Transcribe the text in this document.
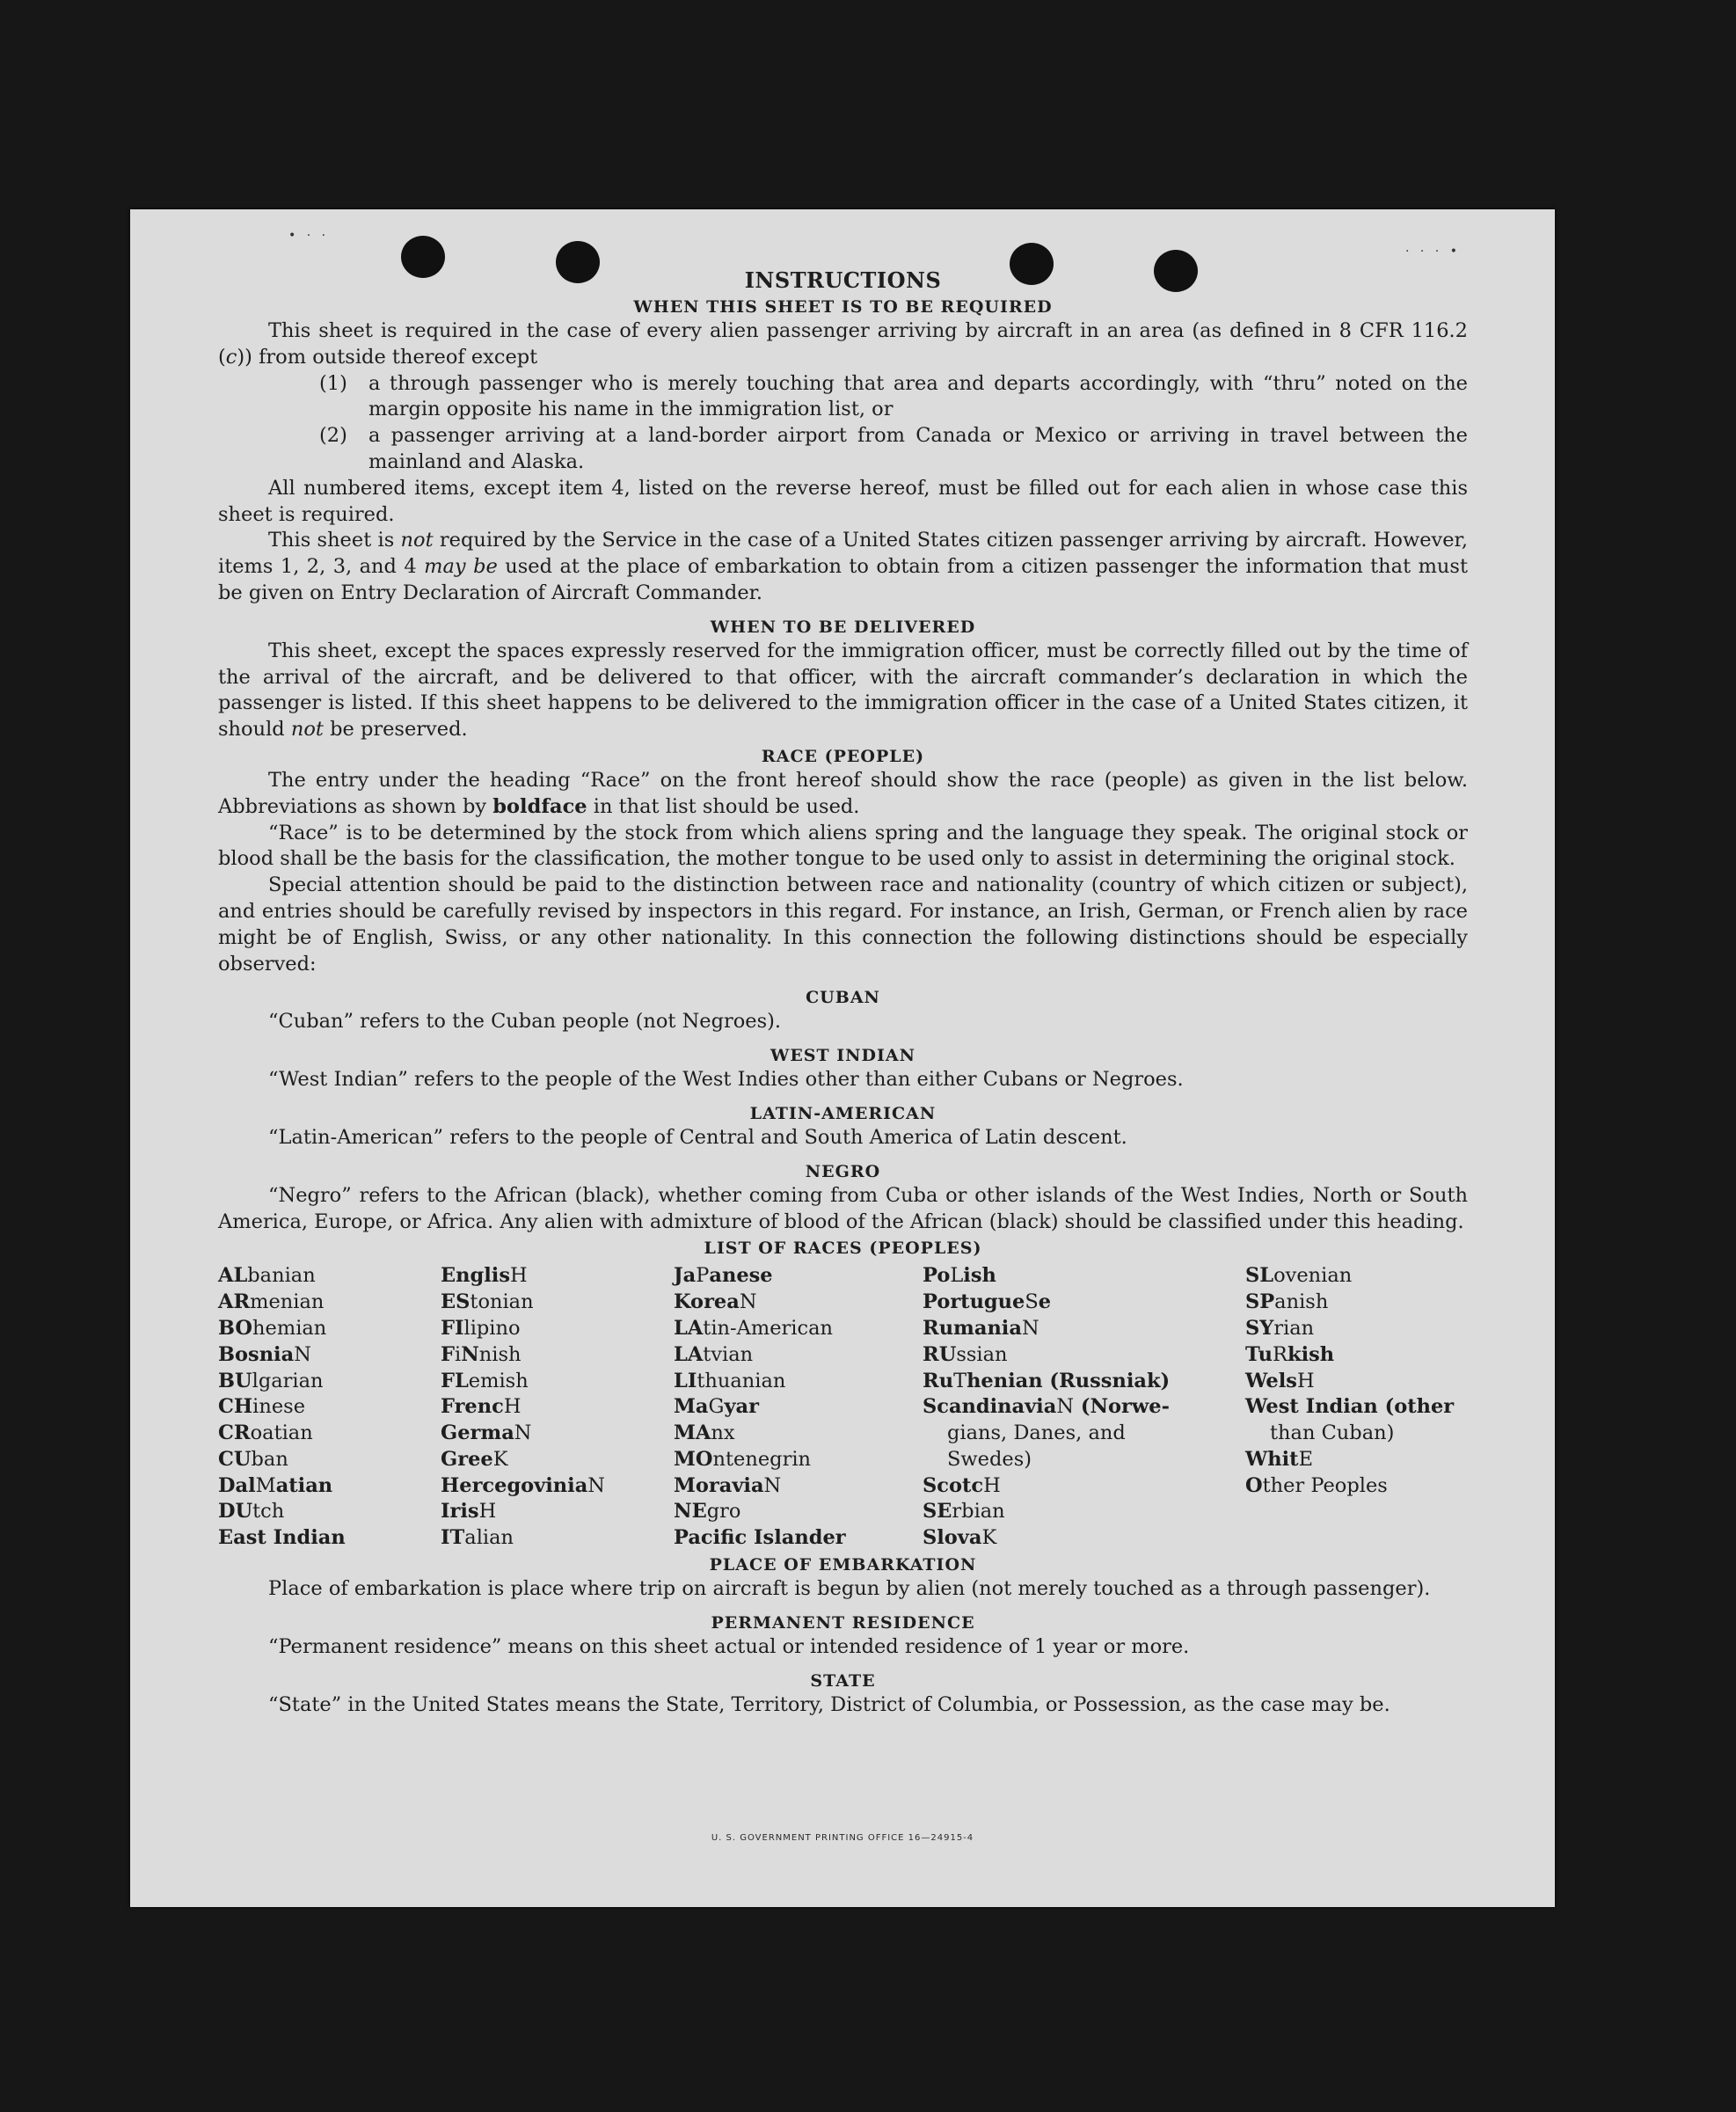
• · ·
· · · •
INSTRUCTIONS
WHEN THIS SHEET IS TO BE REQUIRED

This sheet is required in the case of every alien passenger arriving by aircraft in an area (as defined in 8 CFR 116.2 (c)) from outside thereof except

(1)	a through passenger who is merely touching that area and departs accordingly, with “thru” noted on the margin opposite his name in the immigration list, or
(2)	a passenger arriving at a land-border airport from Canada or Mexico or arriving in travel between the mainland and Alaska.

All numbered items, except item 4, listed on the reverse hereof, must be filled out for each alien in whose case this sheet is required.

This sheet is not required by the Service in the case of a United States citizen passenger arriving by aircraft. However, items 1, 2, 3, and 4 may be used at the place of embarkation to obtain from a citizen passenger the information that must be given on Entry Declaration of Aircraft Commander.

WHEN TO BE DELIVERED

This sheet, except the spaces expressly reserved for the immigration officer, must be correctly filled out by the time of the arrival of the aircraft, and be delivered to that officer, with the aircraft commander’s declaration in which the passenger is listed. If this sheet happens to be delivered to the immigration officer in the case of a United States citizen, it should not be preserved.

RACE (PEOPLE)

The entry under the heading “Race” on the front hereof should show the race (people) as given in the list below. Abbreviations as shown by boldface in that list should be used.

“Race” is to be determined by the stock from which aliens spring and the language they speak. The original stock or blood shall be the basis for the classification, the mother tongue to be used only to assist in determining the original stock.

Special attention should be paid to the distinction between race and nationality (country of which citizen or subject), and entries should be carefully revised by inspectors in this regard. For instance, an Irish, German, or French alien by race might be of English, Swiss, or any other nationality. In this connection the following distinctions should be especially observed:

CUBAN

“Cuban” refers to the Cuban people (not Negroes).

WEST INDIAN

“West Indian” refers to the people of the West Indies other than either Cubans or Negroes.

LATIN-AMERICAN

“Latin-American” refers to the people of Central and South America of Latin descent.

NEGRO

“Negro” refers to the African (black), whether coming from Cuba or other islands of the West Indies, North or South America, Europe, or Africa. Any alien with admixture of blood of the African (black) should be classified under this heading.

LIST OF RACES (PEOPLES)
ALbanian
ARmenian
BOhemian
BosniaN
BUlgarian
CHinese
CRoatian
CUban
DalMatian
DUtch
East Indian
EnglisH
EStonian
FIlipino
FiNnish
FLemish
FrencH
GermaN
GreeK
HercegoviniaN
IrisH
ITalian
JaPanese
KoreaN
LAtin-American
LAtvian
LIthuanian
MaGyar
MAnx
MOntenegrin
MoraviaN
NEgro
Pacific Islander
PoLish
PortugueSe
RumaniaN
RUssian
RuThenian (Russniak)
ScandinaviaN (Norwe-
gians, Danes, and
Swedes)
ScotcH
SErbian
SlovaK
SLovenian
SPanish
SYrian
TuRkish
WelsH
West Indian (other
than Cuban)
WhitE
Other Peoples
PLACE OF EMBARKATION

Place of embarkation is place where trip on aircraft is begun by alien (not merely touched as a through passenger).

PERMANENT RESIDENCE

“Permanent residence” means on this sheet actual or intended residence of 1 year or more.

STATE

“State” in the United States means the State, Territory, District of Columbia, or Possession, as the case may be.

U. S. GOVERNMENT PRINTING OFFICE 16—24915-4
